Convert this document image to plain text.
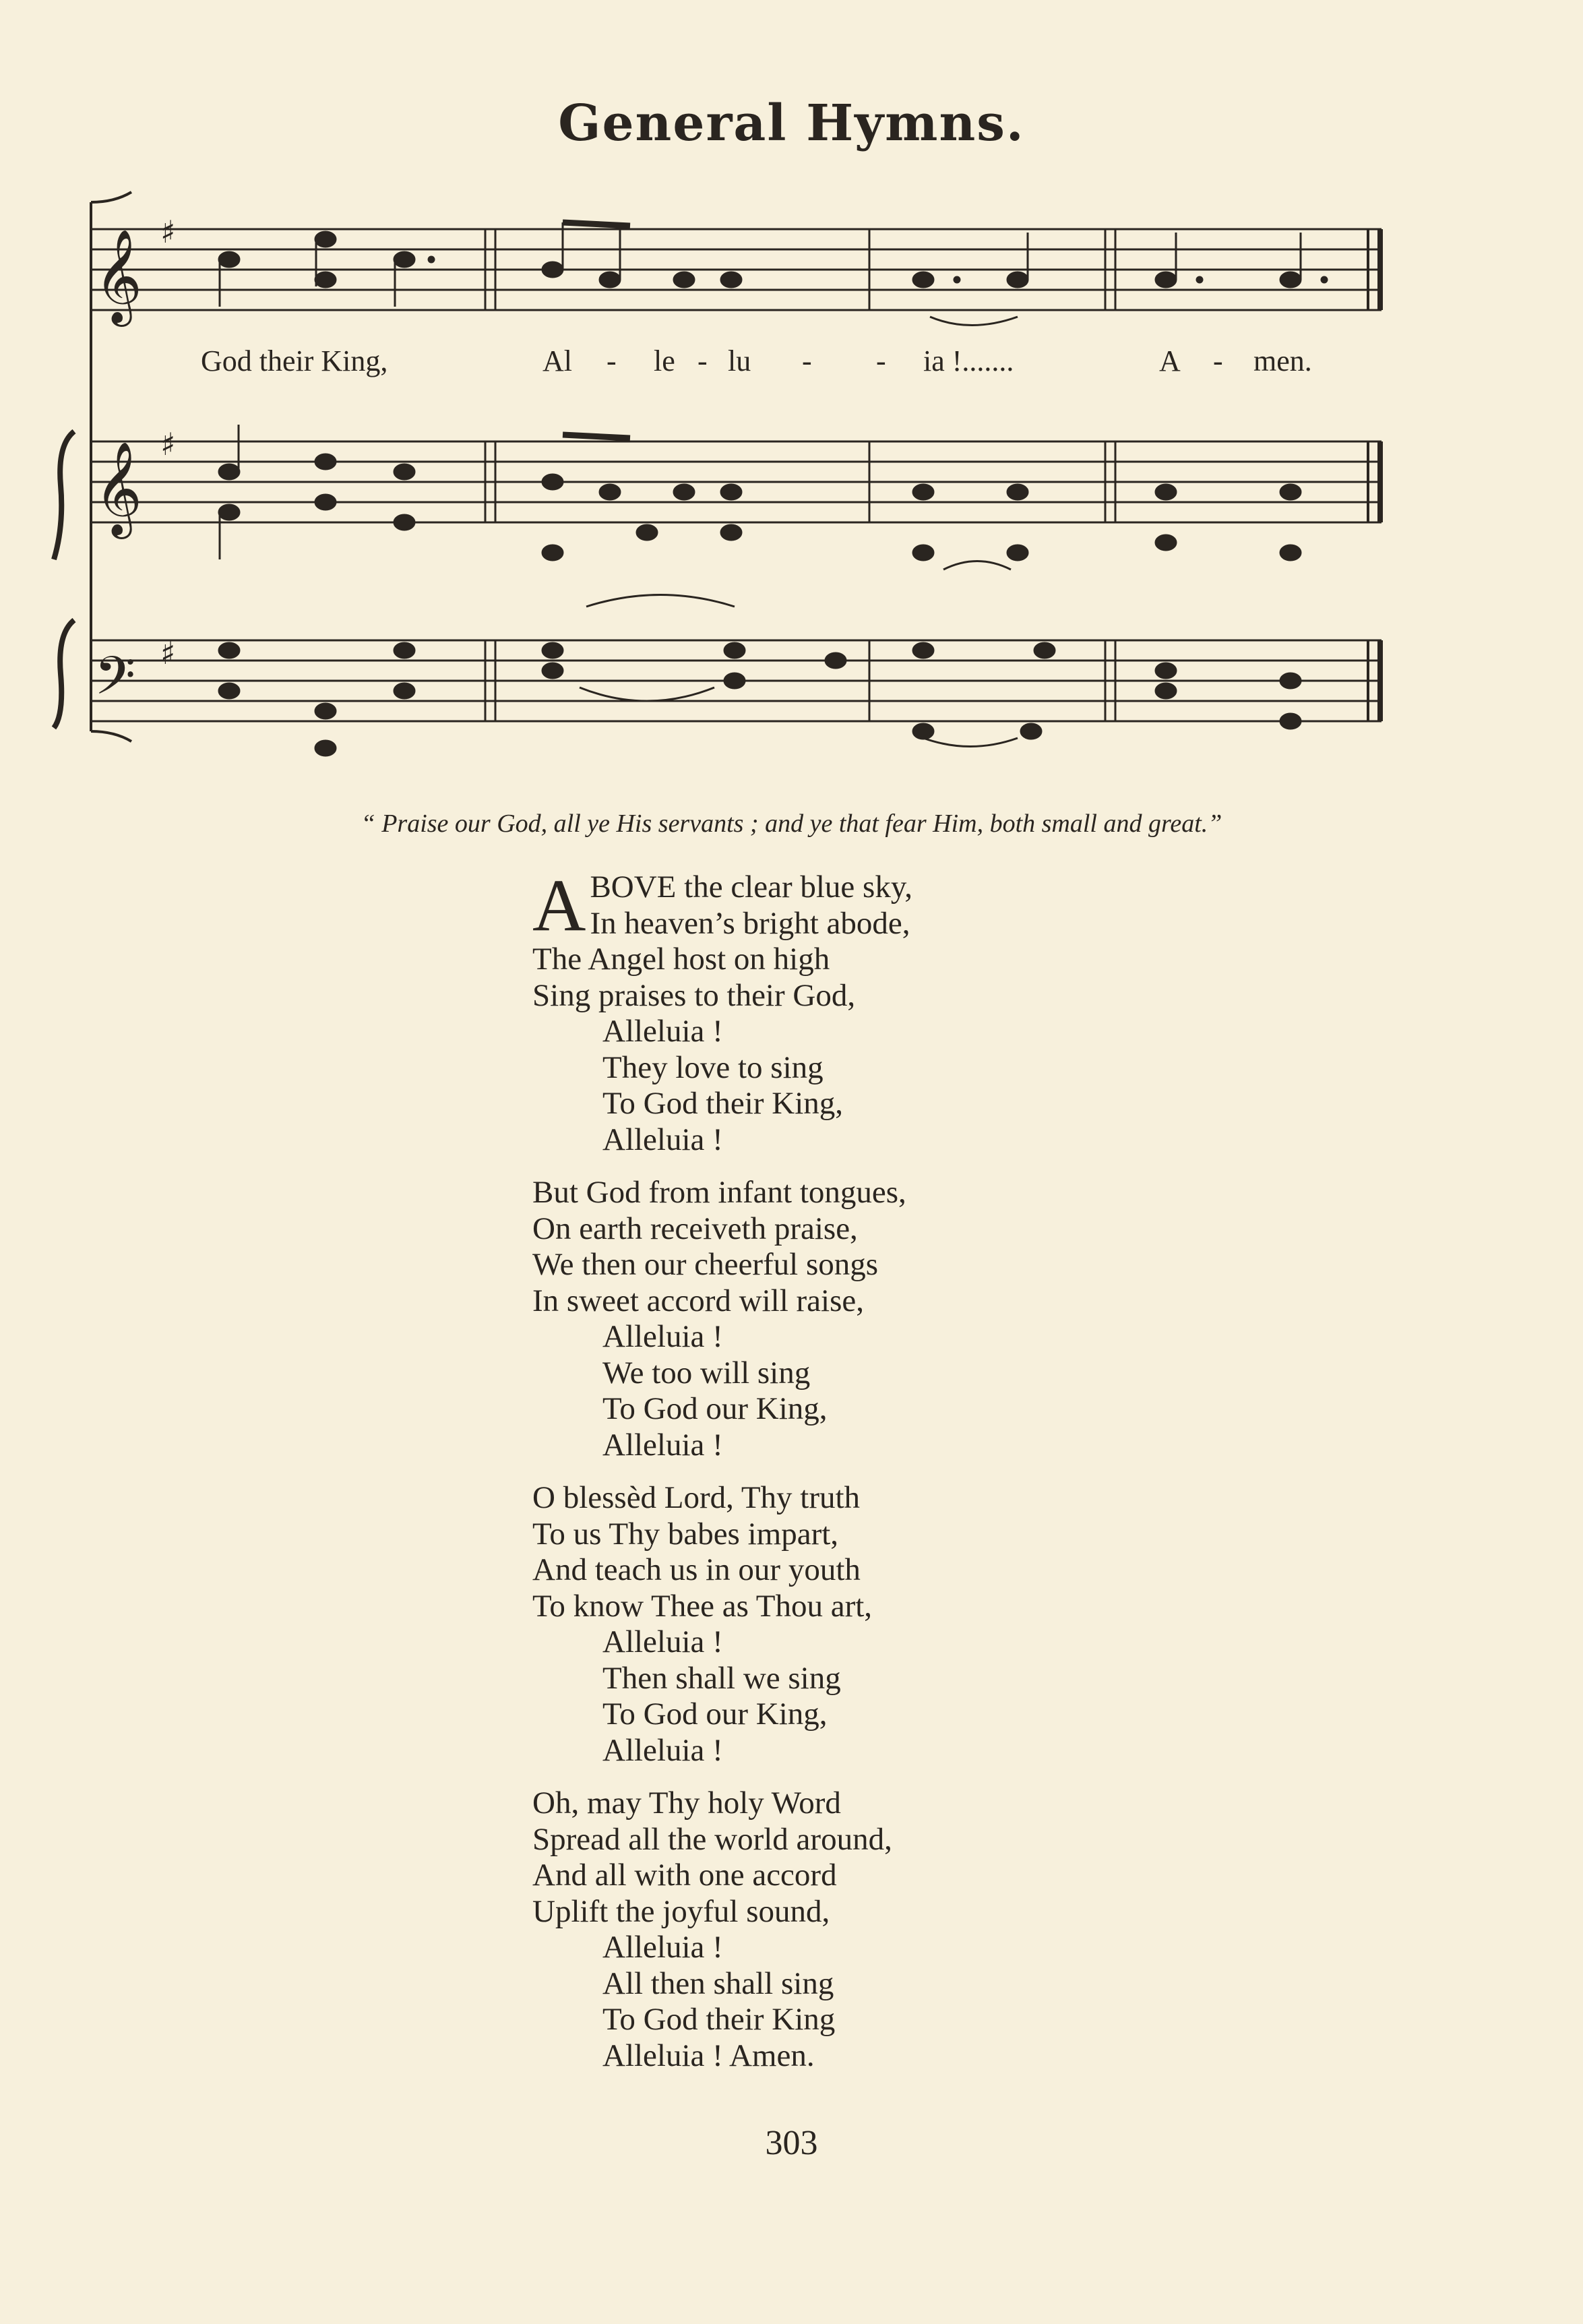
General Hymns.
𝄞
𝄞
𝄢
♯
♯
♯
God their King,	Al - le - lu - - ia !.......	A - men.
“ Praise our God, all ye His servants ; and ye that fear Him, both small and great.”
A BOVE the clear blue sky,
In heaven’s bright abode,
The Angel host on high
Sing praises to their God,
Alleluia !
They love to sing
To God their King,
Alleluia !
But God from infant tongues,
On earth receiveth praise,
We then our cheerful songs
In sweet accord will raise,
Alleluia !
We too will sing
To God our King,
Alleluia !
O blessèd Lord, Thy truth
To us Thy babes impart,
And teach us in our youth
To know Thee as Thou art,
Alleluia !
Then shall we sing
To God our King,
Alleluia !
Oh, may Thy holy Word
Spread all the world around,
And all with one accord
Uplift the joyful sound,
Alleluia !
All then shall sing
To God their King
Alleluia ! Amen.
303
